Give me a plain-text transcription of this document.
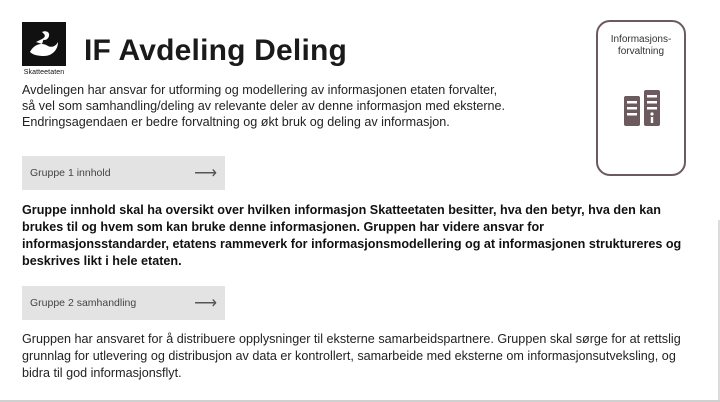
Skatteetaten
IF Avdeling Deling	Informasjons-
forvaltning

Avdelingen har ansvar for utforming og modellering av informasjonen etaten forvalter,

så vel som samhandling/deling av relevante deler av denne informasjon med eksterne.

Endringsagendaen er bedre forvaltning og økt bruk og deling av informasjon.

Gruppe 1 innhold	⟶

Gruppe innhold skal ha oversikt over hvilken informasjon Skatteetaten besitter, hva den betyr, hva den kan brukes til og hvem som kan bruke denne informasjonen. Gruppen har videre ansvar for informasjonsstandarder, etatens rammeverk for informasjonsmodellering og at informasjonen struktureres og beskrives likt i hele etaten.

Gruppe 2 samhandling	⟶

Gruppen har ansvaret for å distribuere opplysninger til eksterne samarbeidspartnere. Gruppen skal sørge for at rettslig grunnlag for utlevering og distribusjon av data er kontrollert, samarbeide med eksterne om informasjonsutveksling, og bidra til god informasjonsflyt.
